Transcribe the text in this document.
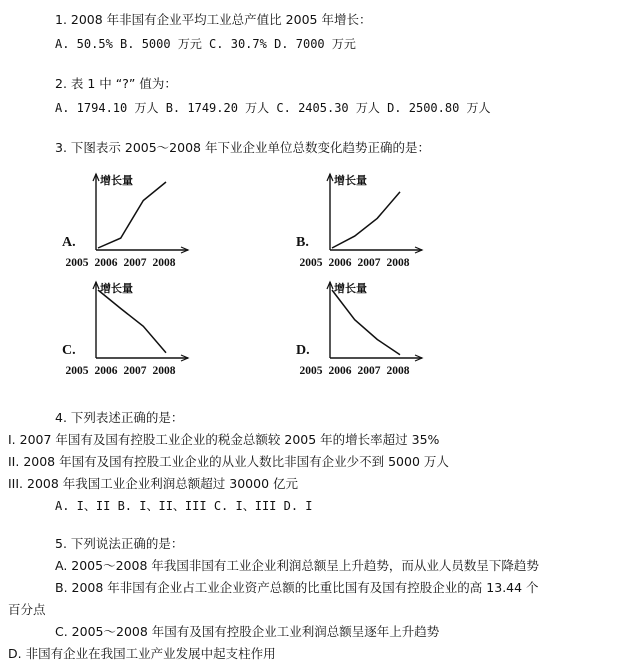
1. 2008 年非国有企业平均工业总产值比 2005 年增长：
A. 50.5% B. 5000 万元 C. 30.7% D. 7000 万元
2. 表 1 中 “?” 值为：
A. 1794.10 万人 B. 1749.20 万人 C. 2405.30 万人 D. 2500.80 万人
3. 下图表示 2005～2008 年下业企业单位总数变化趋势正确的是：
增长量
A.
2005 2006 2007 2008
增长量
B.
2005 2006 2007 2008
增长量
C.
2005 2006 2007 2008
增长量
D.
2005 2006 2007 2008
4. 下列表述正确的是：
I. 2007 年国有及国有控股工业企业的税金总额较 2005 年的增长率超过 35%
II. 2008 年国有及国有控股工业企业的从业人数比非国有企业少不到 5000 万人
III. 2008 年我国工业企业利润总额超过 30000 亿元
A. I、II B. I、II、III C. I、III D. I
5. 下列说法正确的是：
A. 2005～2008 年我国非国有工业企业利润总额呈上升趋势，而从业人员数呈下降趋势
B. 2008 年非国有企业占工业企业资产总额的比重比国有及国有控股企业的高 13.44 个
百分点
C. 2005～2008 年国有及国有控股企业工业利润总额呈逐年上升趋势
D. 非国有企业在我国工业产业发展中起支柱作用
